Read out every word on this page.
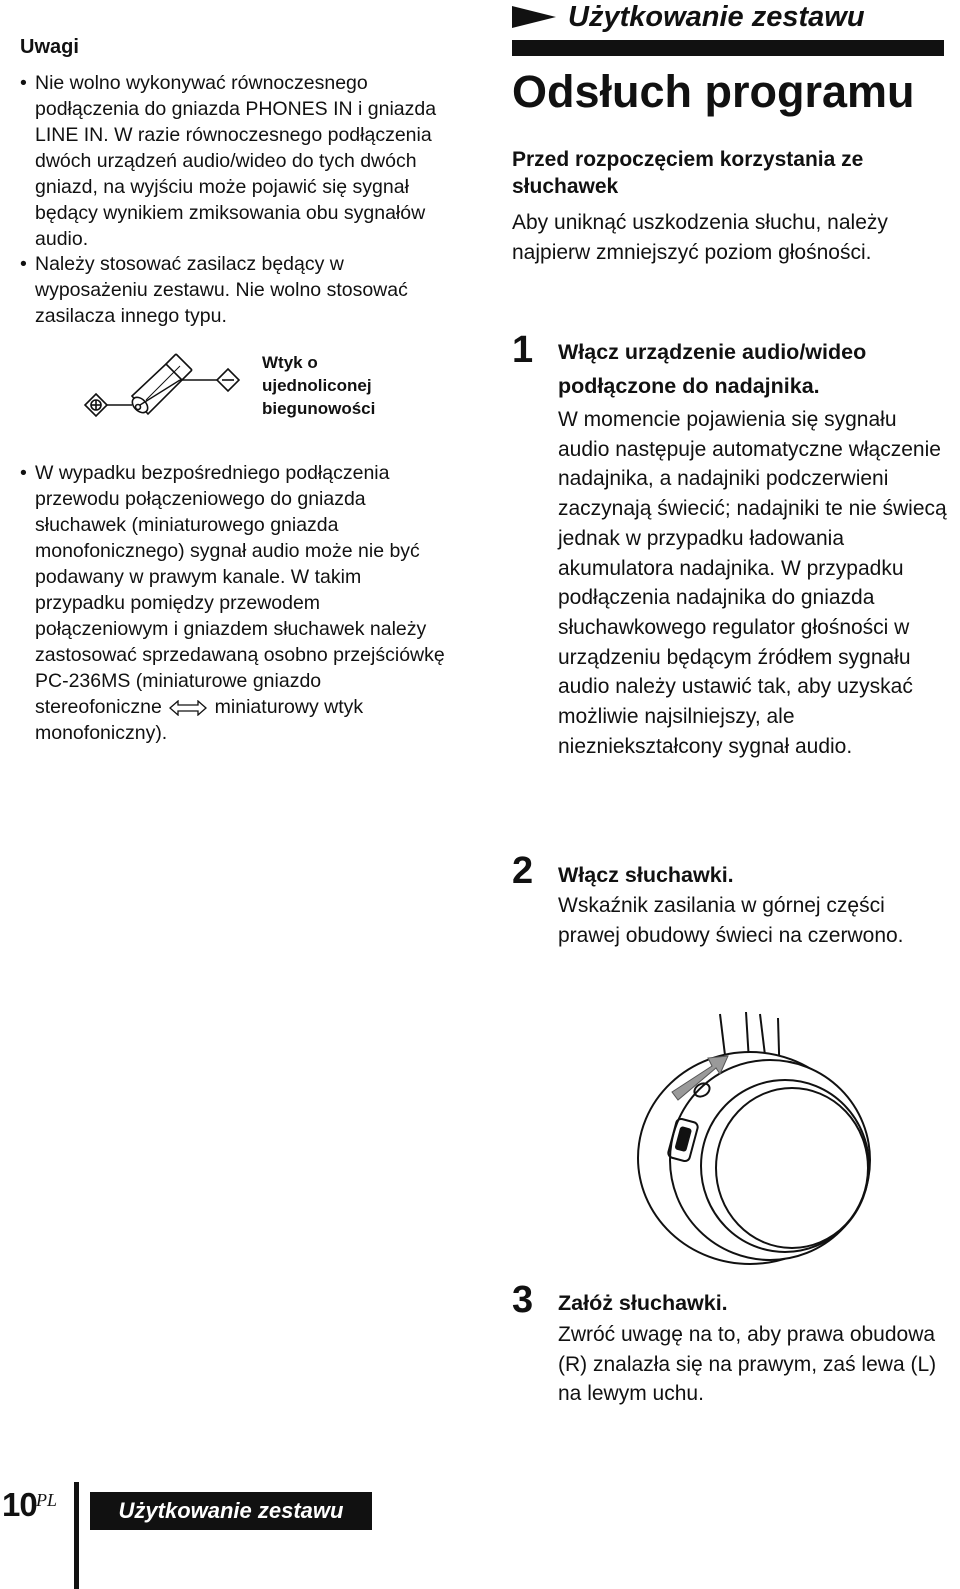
Uwagi

• Nie wolno wykonywać równoczesnego podłączenia do gniazda PHONES IN i gniazda LINE IN. W razie równoczesnego podłączenia dwóch urządzeń audio/wideo do tych dwóch gniazd, na wyjściu może pojawić się sygnał będący wynikiem zmiksowania obu sygnałów audio.

• Należy stosować zasilacz będący w wyposażeniu zestawu. Nie wolno stosować zasilacza innego typu.

Wtyk o ujednoliconej biegunowości

• W wypadku bezpośredniego podłączenia przewodu połączeniowego do gniazda słuchawek (miniaturowego gniazda monofonicznego) sygnał audio może nie być podawany w prawym kanale. W takim przypadku pomiędzy przewodem połączeniowym i gniazdem słuchawek należy zastosować sprzedawaną osobno przejściówkę PC-236MS (miniaturowe gniazdo stereofoniczne	miniaturowy wtyk monofoniczny).

Użytkowanie zestawu
Odsłuch programu
Przed rozpoczęciem korzystania ze słuchawek
Aby uniknąć uszkodzenia słuchu, należy najpierw zmniejszyć poziom głośności.
1 Włącz urządzenie audio/wideo podłączone do nadajnika.
W momencie pojawienia się sygnału audio następuje automatyczne włączenie nadajnika, a nadajniki podczerwieni zaczynają świecić; nadajniki te nie świecą jednak w przypadku ładowania akumulatora nadajnika. W przypadku podłączenia nadajnika do gniazda słuchawkowego regulator głośności w urządzeniu będącym źródłem sygnału audio należy ustawić tak, aby uzyskać możliwie najsilniejszy, ale niezniekształcony sygnał audio.
2 Włącz słuchawki.
Wskaźnik zasilania w górnej części prawej obudowy świeci na czerwono.
3 Załóż słuchawki.
Zwróć uwagę na to, aby prawa obudowa (R) znalazła się na prawym, zaś lewa (L) na lewym uchu.
10 PL	Użytkowanie zestawu
